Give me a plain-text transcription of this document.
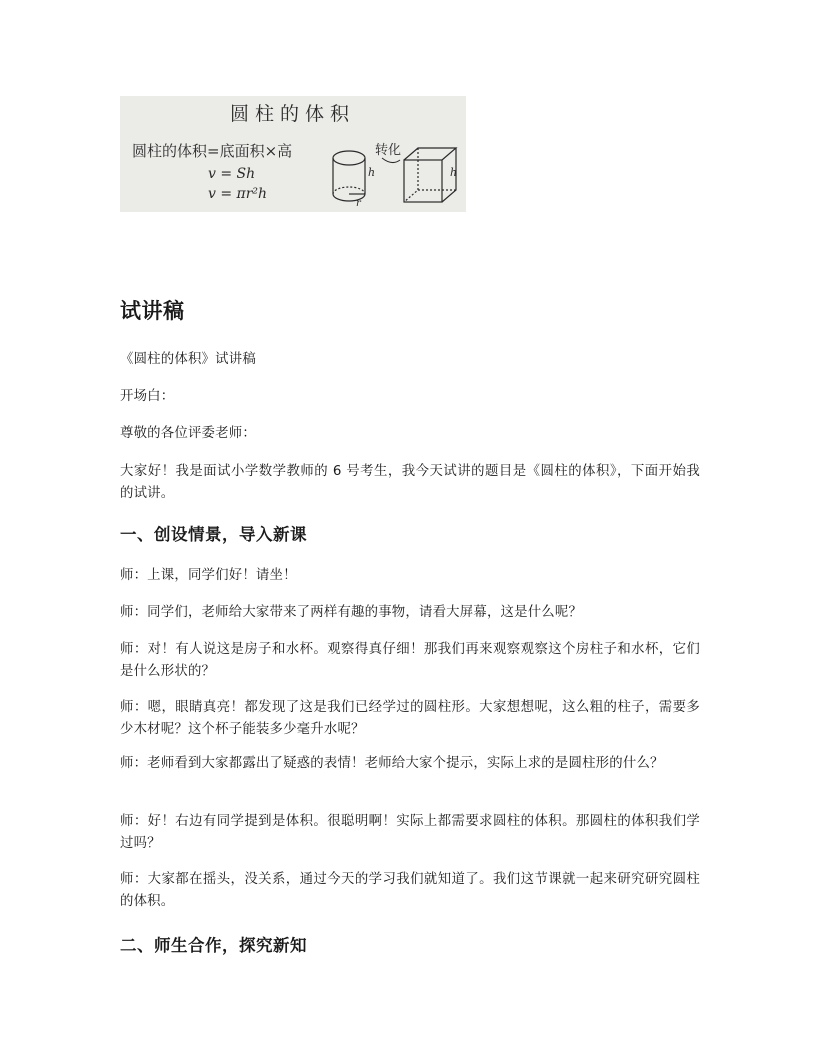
圆柱的体积
圆柱的体积=底面积×高
v = Sh
v = πr²h
h
r
转化
h
试讲稿

《圆柱的体积》试讲稿

开场白：

尊敬的各位评委老师：

大家好！我是面试小学数学教师的 6 号考生，我今天试讲的题目是《圆柱的体积》，下面开始我的试讲。

一、创设情景，导入新课

师：上课，同学们好！请坐！

师：同学们，老师给大家带来了两样有趣的事物，请看大屏幕，这是什么呢？

师：对！有人说这是房子和水杯。观察得真仔细！那我们再来观察观察这个房柱子和水杯，它们是什么形状的？

师：嗯，眼睛真亮！都发现了这是我们已经学过的圆柱形。大家想想呢，这么粗的柱子，需要多少木材呢？这个杯子能装多少毫升水呢？

师：老师看到大家都露出了疑惑的表情！老师给大家个提示，实际上求的是圆柱形的什么？

师：好！右边有同学提到是体积。很聪明啊！实际上都需要求圆柱的体积。那圆柱的体积我们学过吗？

师：大家都在摇头，没关系，通过今天的学习我们就知道了。我们这节课就一起来研究研究圆柱的体积。

二、师生合作，探究新知
